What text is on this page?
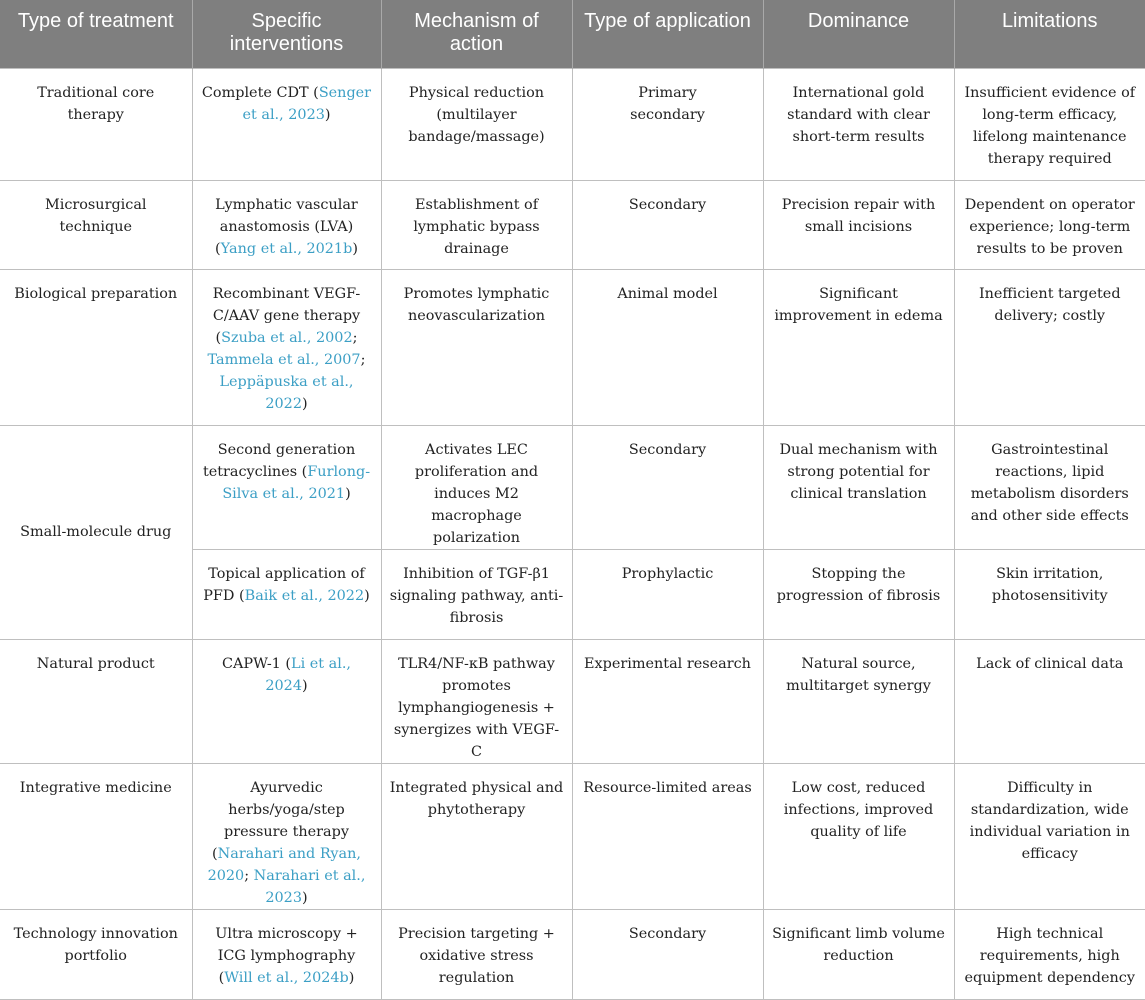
Type of treatment	Specific interventions	Mechanism of action	Type of application	Dominance	Limitations

Traditional core therapy	Complete CDT (Senger et al., 2023)	Physical reduction (multilayer bandage/massage)	Primary secondary	International gold standard with clear short-term results	Insufficient evidence of long-term efficacy, lifelong maintenance therapy required
Microsurgical technique	Lymphatic vascular anastomosis (LVA) (Yang et al., 2021b)	Establishment of lymphatic bypass drainage	Secondary	Precision repair with small incisions	Dependent on operator experience; long-term results to be proven
Biological preparation	Recombinant VEGF-C/AAV gene therapy (Szuba et al., 2002; Tammela et al., 2007; Leppäpuska et al., 2022)	Promotes lymphatic neovascularization	Animal model	Significant improvement in edema	Inefficient targeted delivery; costly
Small-molecule drug	Second generation tetracyclines (Furlong-Silva et al., 2021)	Activates LEC proliferation and induces M2 macrophage polarization	Secondary	Dual mechanism with strong potential for clinical translation	Gastrointestinal reactions, lipid metabolism disorders and other side effects
	Topical application of PFD (Baik et al., 2022)	Inhibition of TGF-β1 signaling pathway, anti-fibrosis	Prophylactic	Stopping the progression of fibrosis	Skin irritation, photosensitivity
Natural product	CAPW-1 (Li et al., 2024)	TLR4/NF-κB pathway promotes lymphangiogenesis + synergizes with VEGF-C	Experimental research	Natural source, multitarget synergy	Lack of clinical data
Integrative medicine	Ayurvedic herbs/yoga/step pressure therapy (Narahari and Ryan, 2020; Narahari et al., 2023)	Integrated physical and phytotherapy	Resource-limited areas	Low cost, reduced infections, improved quality of life	Difficulty in standardization, wide individual variation in efficacy
Technology innovation portfolio	Ultra microscopy + ICG lymphography (Will et al., 2024b)	Precision targeting + oxidative stress regulation	Secondary	Significant limb volume reduction	High technical requirements, high equipment dependency
